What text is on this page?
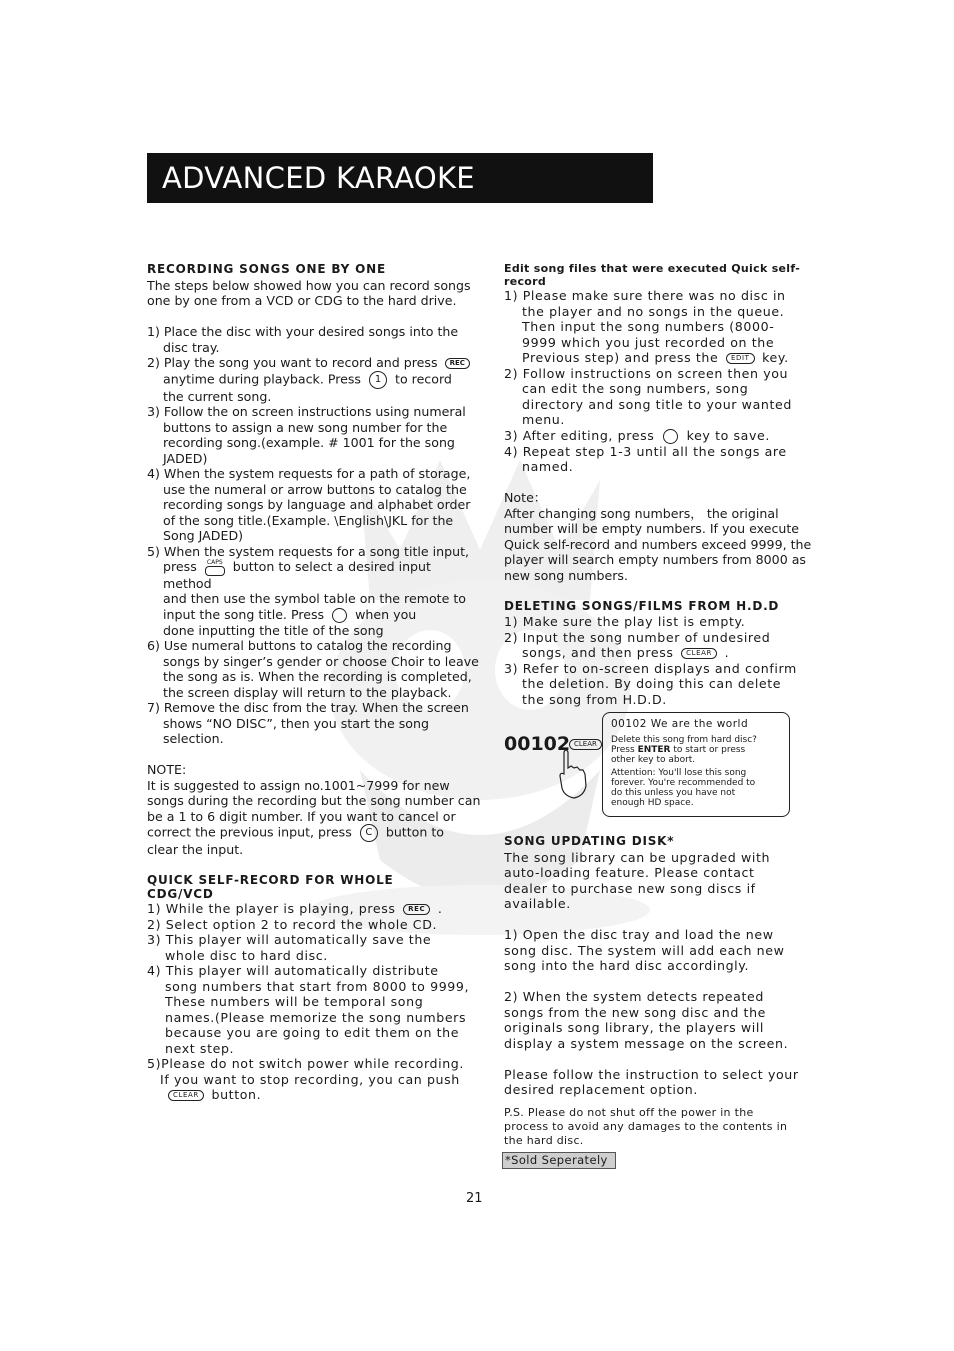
ADVANCED KARAOKE OPERATION
RECORDING SONGS ONE BY ONE
The steps below showed how you can record songs
one by one from a VCD or CDG to the hard drive.
1) Place the disc with your desired songs into the
disc tray.
2) Play the song you want to record and press REC
anytime during playback. Press 1 to record
the current song.
3) Follow the on screen instructions using numeral
buttons to assign a new song number for the
recording song.(example. # 1001 for the song
JADED)
4) When the system requests for a path of storage,
use the numeral or arrow buttons to catalog the
recording songs by language and alphabet order
of the song title.(Example. \English\JKL for the
Song JADED)
5) When the system requests for a song title input,
press CAPS button to select a desired input method
and then use the symbol table on the remote to
input the song title. Press when you
done inputting the title of the song
6) Use numeral buttons to catalog the recording
songs by singer’s gender or choose Choir to leave
the song as is. When the recording is completed,
the screen display will return to the playback.
7) Remove the disc from the tray. When the screen
shows “NO DISC”, then you start the song
selection.
NOTE:
It is suggested to assign no.1001~7999 for new
songs during the recording but the song number can
be a 1 to 6 digit number. If you want to cancel or
correct the previous input, press C button to
clear the input.
QUICK SELF-RECORD FOR WHOLE
CDG/VCD
1) While the player is playing, press REC .
2) Select option 2 to record the whole CD.
3) This player will automatically save the
whole disc to hard disc.
4) This player will automatically distribute
song numbers that start from 8000 to 9999,
These numbers will be temporal song
names.(Please memorize the song numbers
because you are going to edit them on the
next step.
5)Please do not switch power while recording.
If you want to stop recording, you can push
CLEAR button.
Edit song files that were executed Quick self-record
1) Please make sure there was no disc in
the player and no songs in the queue.
Then input the song numbers (8000-
9999 which you just recorded on the
Previous step) and press the EDIT key.
2) Follow instructions on screen then you
can edit the song numbers, song
directory and song title to your wanted
menu.
3) After editing, press	key to save.
4) Repeat step 1-3 until all the songs are
named.
Note：
After changing song numbers， the original
number will be empty numbers. If you execute
Quick self-record and numbers exceed 9999, the
player will search empty numbers from 8000 as
new song numbers.
DELETING SONGS/FILMS FROM H.D.D
1) Make sure the play list is empty.
2) Input the song number of undesired
songs, and then press CLEAR .
3) Refer to on-screen displays and confirm
the deletion. By doing this can delete
the song from H.D.D.
00102 CLEAR
00102 We are the world
Delete this song from hard disc?
Press ENTER to start or press
other key to abort.
Attention: You'll lose this song
forever. You're recommended to
do this unless you have not
enough HD space.
SONG UPDATING DISK*
The song library can be upgraded with
auto-loading feature. Please contact
dealer to purchase new song discs if
available.
1) Open the disc tray and load the new
song disc. The system will add each new
song into the hard disc accordingly.
2) When the system detects repeated
songs from the new song disc and the
originals song library, the players will
display a system message on the screen.
Please follow the instruction to select your
desired replacement option.
P.S. Please do not shut off the power in the
process to avoid any damages to the contents in
the hard disc.
*Sold Seperately
21
